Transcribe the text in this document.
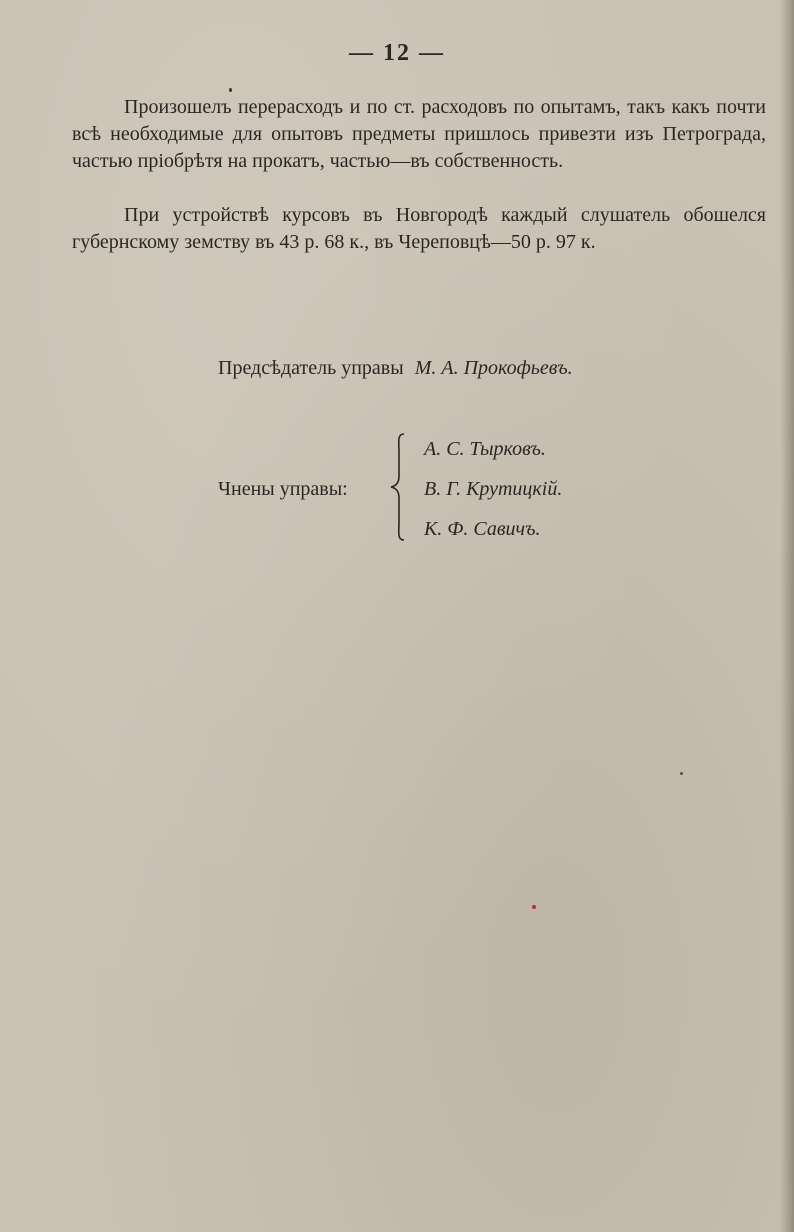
— 12 —

Произошелъ перерасходъ и по ст. расходовъ по опытамъ, такъ какъ почти всѣ необходимые для опытовъ предметы пришлось привезти изъ Петрограда, частью пріобрѣтя на прокатъ, частью—въ собственность.

При устройствѣ курсовъ въ Новгородѣ каждый слушатель обошелся губернскому земству въ 43 р. 68 к., въ Череповцѣ—50 р. 97 к.

Предсѣдатель управы М. А. Прокофьевъ.
Чнены управы:
А. С. Тырковъ.
В. Г. Крутицкій.
К. Ф. Савичъ.
